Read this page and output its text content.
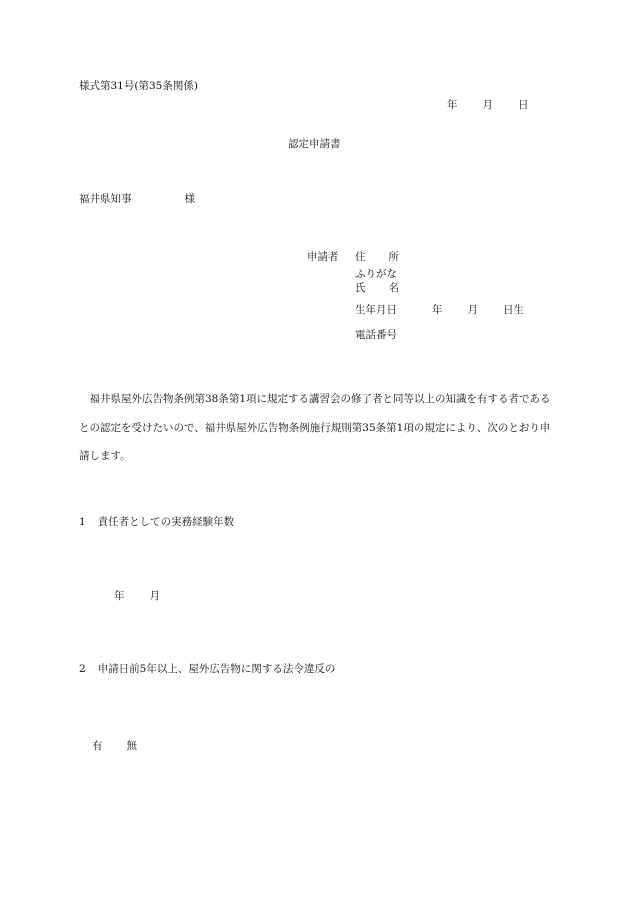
様式第31号(第35条関係)
年 月 日
認定申請書
福井県知事	様
申請者 住 所
ふりがな
氏 名
生年月日	年 月 日生
電話番号

福井県屋外広告物条例第38条第1項に規定する講習会の修了者と同等以上の知識を有する者であるとの認定を受けたいので、福井県屋外広告物条例施行規則第35条第1項の規定により、次のとおり申請します。

1 責任者としての実務経験年数
年 月
2 申請日前5年以上、屋外広告物に関する法令違反の
有 無
